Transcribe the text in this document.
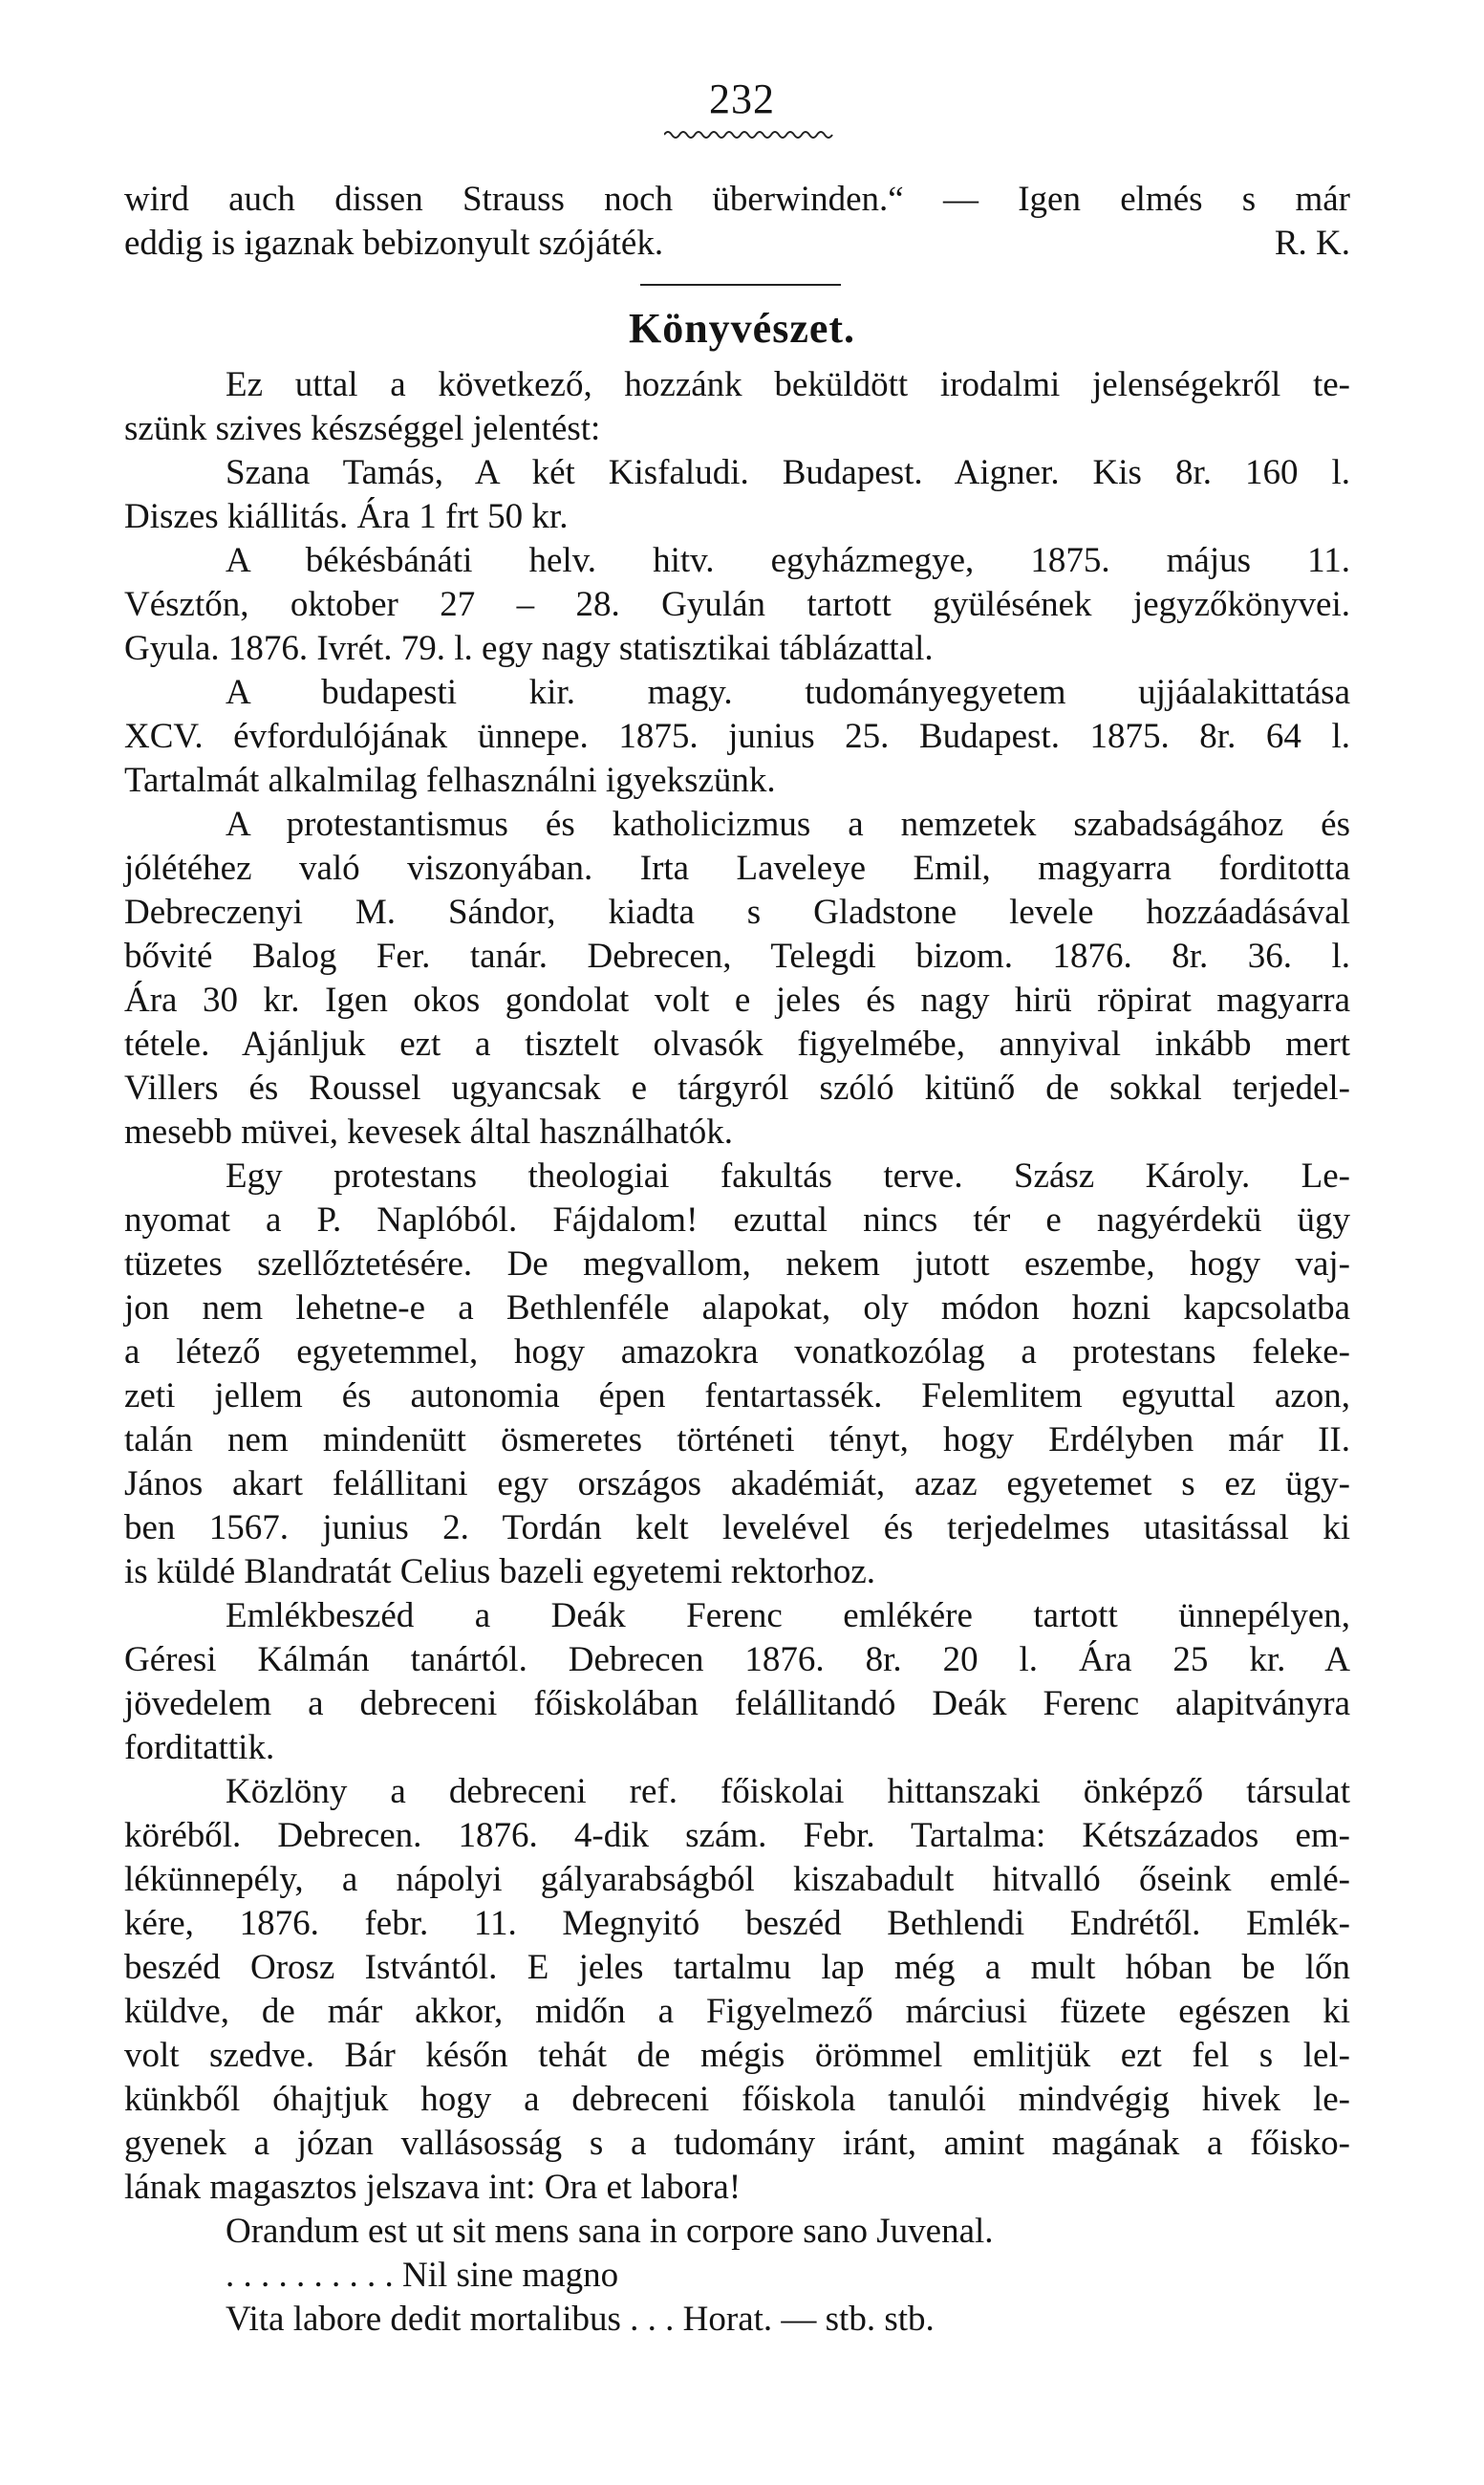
232
wird auch dissen Strauss noch überwinden.“ — Igen elmés s már
eddig is igaznak bebizonyult szójáték.	R. K.
Könyvészet.
Ez uttal a következő, hozzánk beküldött irodalmi jelenségekről te-
szünk szives készséggel jelentést:
Szana Tamás, A két Kisfaludi. Budapest. Aigner. Kis 8r. 160 l.
Diszes kiállitás. Ára 1 frt 50 kr.
A békésbánáti helv. hitv. egyházmegye, 1875. május 11.
Vésztőn, oktober 27 – 28. Gyulán tartott gyülésének jegyzőkönyvei.
Gyula. 1876. Ivrét. 79. l. egy nagy statisztikai táblázattal.
A budapesti kir. magy. tudományegyetem ujjáalakittatása
XCV. évfordulójának ünnepe. 1875. junius 25. Budapest. 1875. 8r. 64 l.
Tartalmát alkalmilag felhasználni igyekszünk.
A protestantismus és katholicizmus a nemzetek szabadságához és
jólétéhez való viszonyában. Irta Laveleye Emil, magyarra forditotta
Debreczenyi M. Sándor, kiadta s Gladstone levele hozzáadásával
bővité Balog Fer. tanár. Debrecen, Telegdi bizom. 1876. 8r. 36. l.
Ára 30 kr. Igen okos gondolat volt e jeles és nagy hirü röpirat magyarra
tétele. Ajánljuk ezt a tisztelt olvasók figyelmébe, annyival inkább mert
Villers és Roussel ugyancsak e tárgyról szóló kitünő de sokkal terjedel-
mesebb müvei, kevesek által használhatók.
Egy protestans theologiai fakultás terve. Szász Károly. Le-
nyomat a P. Naplóból. Fájdalom! ezuttal nincs tér e nagyérdekü ügy
tüzetes szellőztetésére. De megvallom, nekem jutott eszembe, hogy vaj-
jon nem lehetne-e a Bethlenféle alapokat, oly módon hozni kapcsolatba
a létező egyetemmel, hogy amazokra vonatkozólag a protestans feleke-
zeti jellem és autonomia épen fentartassék. Felemlitem egyuttal azon,
talán nem mindenütt ösmeretes történeti tényt, hogy Erdélyben már II.
János akart felállitani egy országos akadémiát, azaz egyetemet s ez ügy-
ben 1567. junius 2. Tordán kelt levelével és terjedelmes utasitással ki
is küldé Blandratát Celius bazeli egyetemi rektorhoz.
Emlékbeszéd a Deák Ferenc emlékére tartott ünnepélyen,
Géresi Kálmán tanártól. Debrecen 1876. 8r. 20 l. Ára 25 kr. A
jövedelem a debreceni főiskolában felállitandó Deák Ferenc alapitványra
forditattik.
Közlöny a debreceni ref. főiskolai hittanszaki önképző társulat
köréből. Debrecen. 1876. 4-dik szám. Febr. Tartalma: Kétszázados em-
lékünnepély, a nápolyi gályarabságból kiszabadult hitvalló őseink emlé-
kére, 1876. febr. 11. Megnyitó beszéd Bethlendi Endrétől. Emlék-
beszéd Orosz Istvántól. E jeles tartalmu lap még a mult hóban be lőn
küldve, de már akkor, midőn a Figyelmező márciusi füzete egészen ki
volt szedve. Bár későn tehát de mégis örömmel emlitjük ezt fel s lel-
künkből óhajtjuk hogy a debreceni főiskola tanulói mindvégig hivek le-
gyenek a józan vallásosság s a tudomány iránt, amint magának a főisko-
lának magasztos jelszava int: Ora et labora!
Orandum est ut sit mens sana in corpore sano Juvenal.
. . . . . . . . . . Nil sine magno
Vita labore dedit mortalibus . . . Horat. — stb. stb.
